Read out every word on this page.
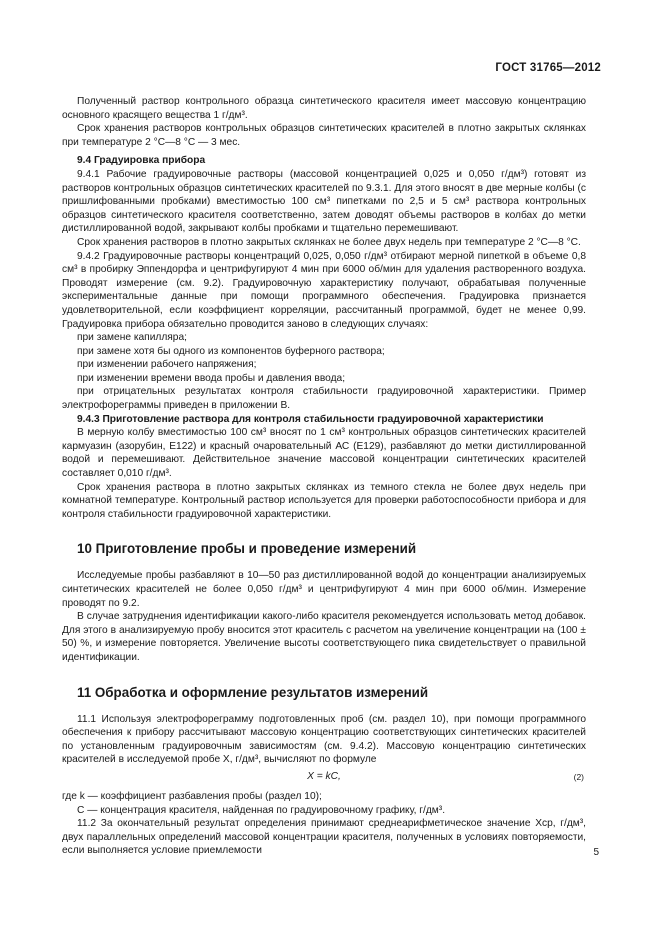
ГОСТ 31765—2012

Полученный раствор контрольного образца синтетического красителя имеет массовую концентрацию основного красящего вещества 1 г/дм³.

Срок хранения растворов контрольных образцов синтетических красителей в плотно закрытых склянках при температуре 2 °С—8 °С — 3 мес.

9.4 Градуировка прибора

9.4.1 Рабочие градуировочные растворы (массовой концентрацией 0,025 и 0,050 г/дм³) готовят из растворов контрольных образцов синтетических красителей по 9.3.1. Для этого вносят в две мерные колбы (с пришлифованными пробками) вместимостью 100 см³ пипетками по 2,5 и 5 см³ раствора контрольных образцов синтетического красителя соответственно, затем доводят объемы растворов в колбах до метки дистиллированной водой, закрывают колбы пробками и тщательно перемешивают.

Срок хранения растворов в плотно закрытых склянках не более двух недель при температуре 2 °С—8 °С.

9.4.2 Градуировочные растворы концентраций 0,025, 0,050 г/дм³ отбирают мерной пипеткой в объеме 0,8 см³ в пробирку Эппендорфа и центрифугируют 4 мин при 6000 об/мин для удаления растворенного воздуха. Проводят измерение (см. 9.2). Градуировочную характеристику получают, обрабатывая полученные экспериментальные данные при помощи программного обеспечения. Градуировка признается удовлетворительной, если коэффициент корреляции, рассчитанный программой, будет не менее 0,99. Градуировка прибора обязательно проводится заново в следующих случаях:

при замене капилляра;

при замене хотя бы одного из компонентов буферного раствора;

при изменении рабочего напряжения;

при изменении времени ввода пробы и давления ввода;

при отрицательных результатах контроля стабильности градуировочной характеристики. Пример электрофореграммы приведен в приложении В.

9.4.3 Приготовление раствора для контроля стабильности градуировочной характеристики

В мерную колбу вместимостью 100 см³ вносят по 1 см³ контрольных образцов синтетических красителей кармуазин (азорубин, Е122) и красный очаровательный АС (Е129), разбавляют до метки дистиллированной водой и перемешивают. Действительное значение массовой концентрации синтетических красителей составляет 0,010 г/дм³.

Срок хранения раствора в плотно закрытых склянках из темного стекла не более двух недель при комнатной температуре. Контрольный раствор используется для проверки работоспособности прибора и для контроля стабильности градуировочной характеристики.

10 Приготовление пробы и проведение измерений

Исследуемые пробы разбавляют в 10—50 раз дистиллированной водой до концентрации анализируемых синтетических красителей не более 0,050 г/дм³ и центрифугируют 4 мин при 6000 об/мин. Измерение проводят по 9.2.

В случае затруднения идентификации какого-либо красителя рекомендуется использовать метод добавок. Для этого в анализируемую пробу вносится этот краситель с расчетом на увеличение концентрации на (100 ± 50) %, и измерение повторяется. Увеличение высоты соответствующего пика свидетельствует о правильной идентификации.

11 Обработка и оформление результатов измерений

11.1 Используя электрофореграмму подготовленных проб (см. раздел 10), при помощи программного обеспечения к прибору рассчитывают массовую концентрацию соответствующих синтетических красителей по установленным градуировочным зависимостям (см. 9.4.2). Массовую концентрацию синтетических красителей в исследуемой пробе X, г/дм³, вычисляют по формуле

X = kC,	(2)

где k — коэффициент разбавления пробы (раздел 10);

C — концентрация красителя, найденная по градуировочному графику, г/дм³.

11.2 За окончательный результат определения принимают среднеарифметическое значение Xср, г/дм³, двух параллельных определений массовой концентрации красителя, полученных в условиях повторяемости, если выполняется условие приемлемости	5
